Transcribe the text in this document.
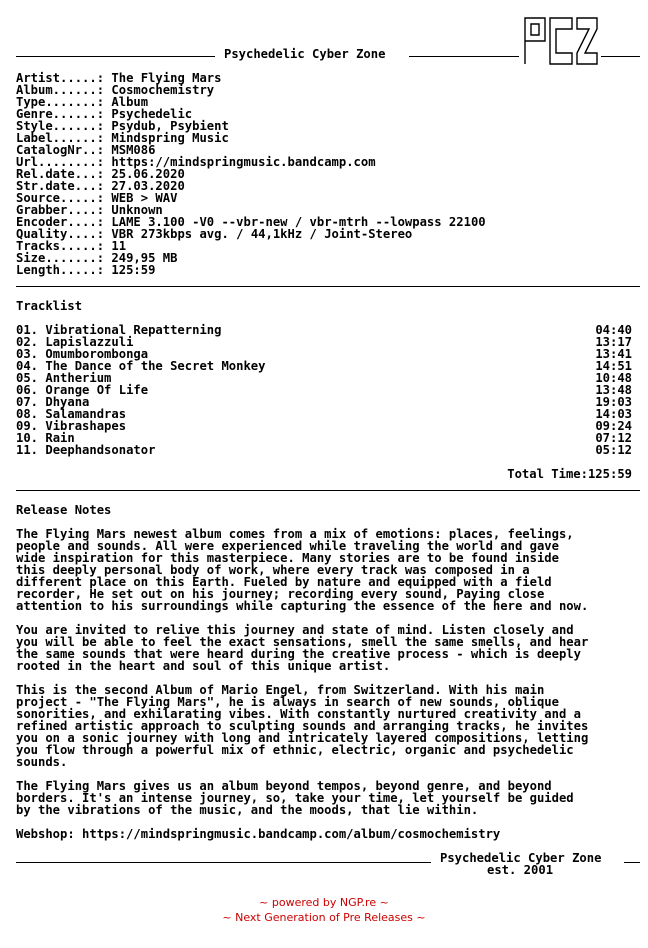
Psychedelic Cyber Zone
Artist.....: The Flying Mars
Album......: Cosmochemistry
Type.......: Album
Genre......: Psychedelic
Style......: Psydub, Psybient
Label......: Mindspring Music
CatalogNr..: MSM086
Url........: https://mindspringmusic.bandcamp.com
Rel.date...: 25.06.2020
Str.date...: 27.03.2020
Source.....: WEB > WAV
Grabber....: Unknown
Encoder....: LAME 3.100 -V0 --vbr-new / vbr-mtrh --lowpass 22100
Quality....: VBR 273kbps avg. / 44,1kHz / Joint-Stereo
Tracks.....: 11
Size.......: 249,95 MB
Length.....: 125:59
Tracklist
01. Vibrational Repatterning	04:40
02. Lapislazzuli	13:17
03. Omumborombonga	13:41
04. The Dance of the Secret Monkey	14:51
05. Antherium	10:48
06. Orange Of Life	13:48
07. Dhyana	19:03
08. Salamandras	14:03
09. Vibrashapes	09:24
10. Rain	07:12
11. Deephandsonator	05:12
Total Time:125:59
Release Notes
The Flying Mars newest album comes from a mix of emotions: places, feelings,
people and sounds. All were experienced while traveling the world and gave
wide inspiration for this masterpiece. Many stories are to be found inside
this deeply personal body of work, where every track was composed in a
different place on this Earth. Fueled by nature and equipped with a field
recorder, He set out on his journey; recording every sound, Paying close
attention to his surroundings while capturing the essence of the here and now.
You are invited to relive this journey and state of mind. Listen closely and
you will be able to feel the exact sensations, smell the same smells, and hear
the same sounds that were heard during the creative process - which is deeply
rooted in the heart and soul of this unique artist.
This is the second Album of Mario Engel, from Switzerland. With his main
project - "The Flying Mars", he is always in search of new sounds, oblique
sonorities, and exhilarating vibes. With constantly nurtured creativity and a
refined artistic approach to sculpting sounds and arranging tracks, he invites
you on a sonic journey with long and intricately layered compositions, letting
you flow through a powerful mix of ethnic, electric, organic and psychedelic
sounds.
The Flying Mars gives us an album beyond tempos, beyond genre, and beyond
borders. It's an intense journey, so, take your time, let yourself be guided
by the vibrations of the music, and the moods, that lie within.
Webshop: https://mindspringmusic.bandcamp.com/album/cosmochemistry
Psychedelic Cyber Zone
est. 2001
~ powered by NGP.re ~
~ Next Generation of Pre Releases ~
